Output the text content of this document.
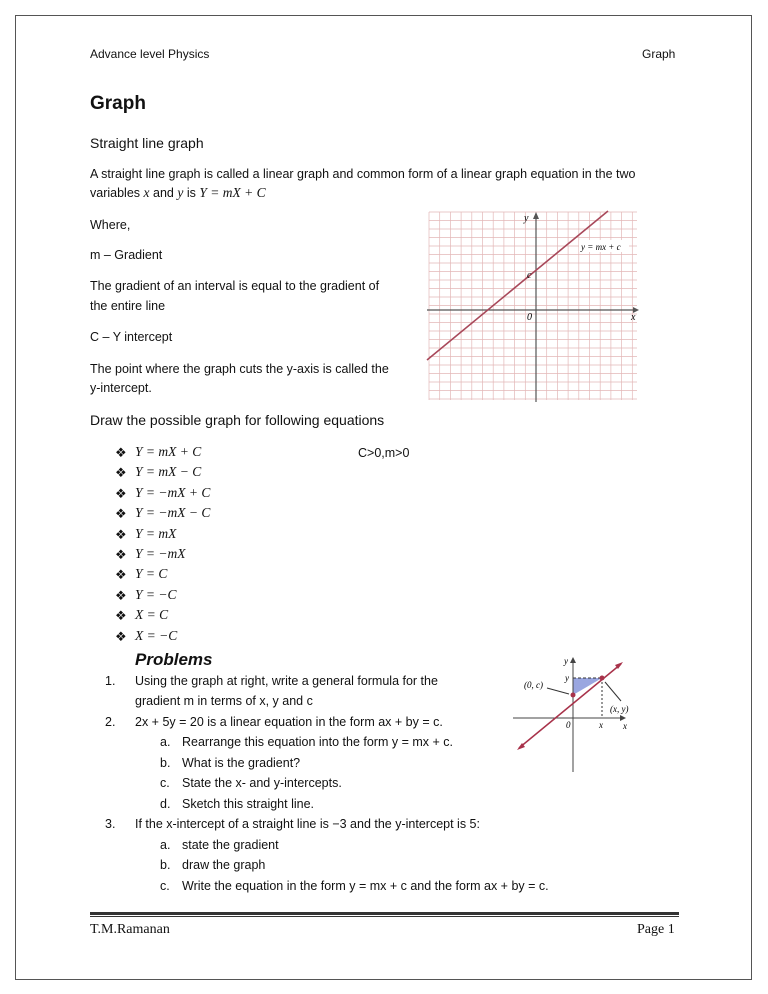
Advance level Physics	Graph
Graph
Straight line graph
A straight line graph is called a linear graph and common form of a linear graph equation in the two
variables x and y is Y = mX + C
Where,
m – Gradient
The gradient of an interval is equal to the gradient of
the entire line
C – Y intercept
The point where the graph cuts the y-axis is called the
y-intercept.
y
x
0
c
y = mx + c
Draw the possible graph for following equations
❖ Y = mX + C
❖ Y = mX − C
❖ Y = −mX + C
❖ Y = −mX − C
❖ Y = mX
❖ Y = −mX
❖ Y = C
❖ Y = −C
❖ X = C
❖ X = −C
C>0,m>0
Problems
1. Using the graph at right, write a general formula for the
gradient m in terms of x, y and c
2. 2x + 5y = 20 is a linear equation in the form ax + by = c.
a. Rearrange this equation into the form y = mx + c.
b. What is the gradient?
c. State the x- and y-intercepts.
d. Sketch this straight line.
3. If the x-intercept of a straight line is −3 and the y-intercept is 5:
a. state the gradient
b. draw the graph
c. Write the equation in the form y = mx + c and the form ax + by = c.
(0, c)
(x, y)
y
x
0	x
y
T.M.Ramanan	Page 1
